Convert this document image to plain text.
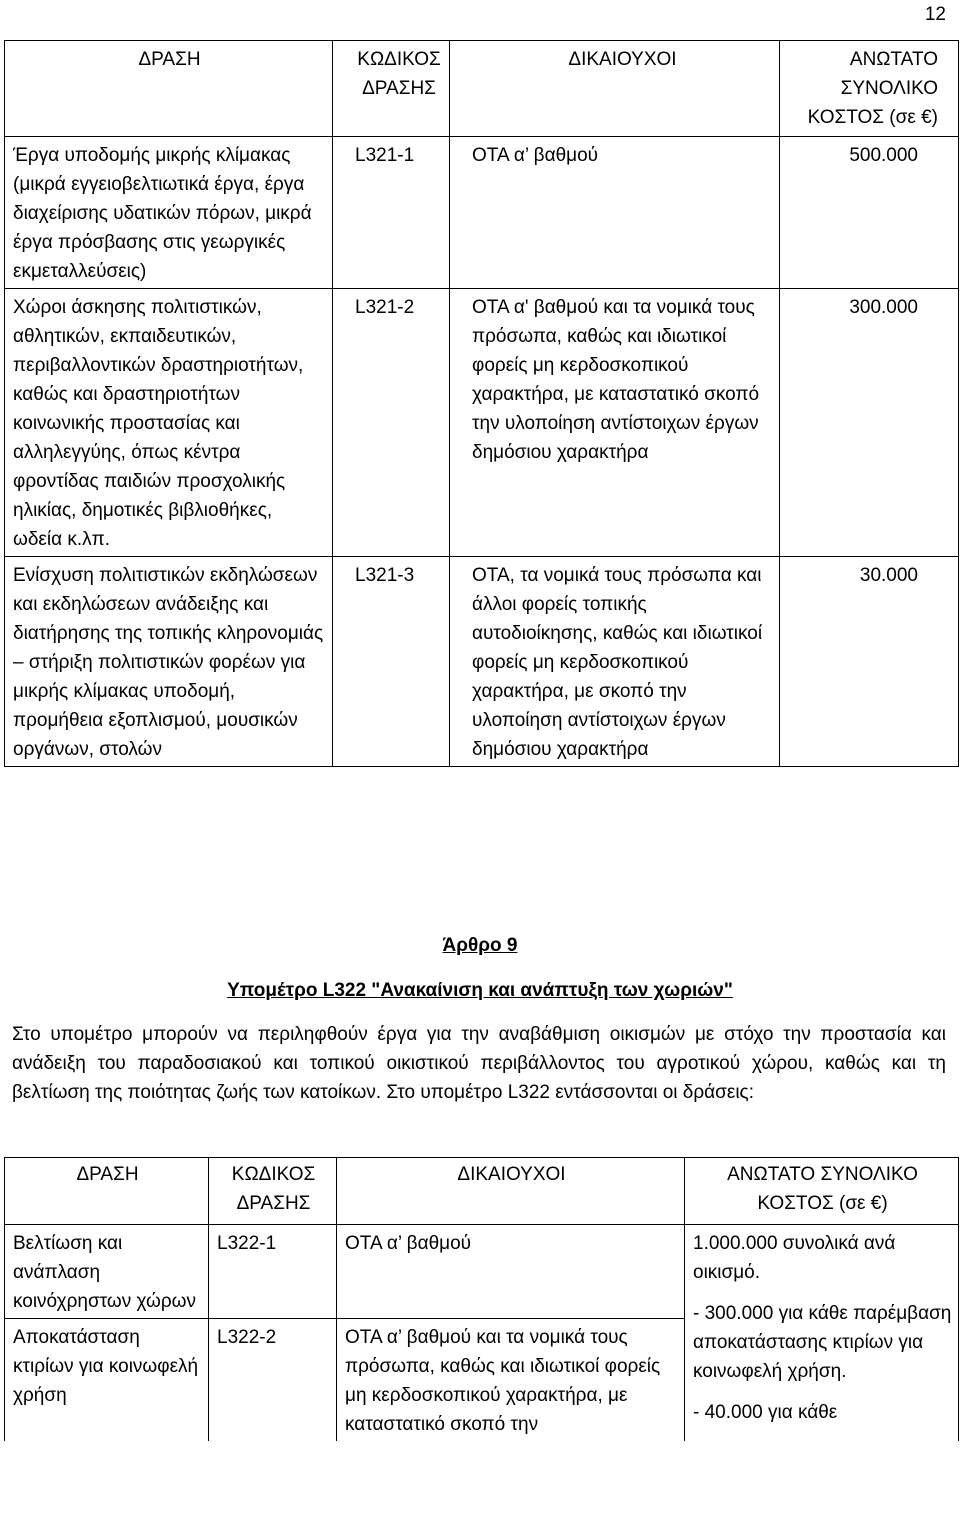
12
ΔΡΑΣΗ	ΚΩΔΙΚΟΣ ΔΡΑΣΗΣ	ΔΙΚΑΙΟΥΧΟΙ	ΑΝΩΤΑΤΟ ΣΥΝΟΛΙΚΟ ΚΟΣΤΟΣ (σε €)
Έργα υποδομής μικρής κλίμακας (μικρά εγγειοβελτιωτικά έργα, έργα διαχείρισης υδατικών πόρων, μικρά έργα πρόσβασης στις γεωργικές εκμεταλλεύσεις)	L321-1	ΟΤΑ α’ βαθμού	500.000
Χώροι άσκησης πολιτιστικών, αθλητικών, εκπαιδευτικών, περιβαλλοντικών δραστηριοτήτων, καθώς και δραστηριοτήτων κοινωνικής προστασίας και αλληλεγγύης, όπως κέντρα φροντίδας παιδιών προσχολικής ηλικίας, δημοτικές βιβλιοθήκες, ωδεία κ.λπ.	L321-2	ΟΤΑ α' βαθμού και τα νομικά τους πρόσωπα, καθώς και ιδιωτικοί φορείς μη κερδοσκοπικού χαρακτήρα, με καταστατικό σκοπό την υλοποίηση αντίστοιχων έργων δημόσιου χαρακτήρα	300.000
Ενίσχυση πολιτιστικών εκδηλώσεων και εκδηλώσεων ανάδειξης και διατήρησης της τοπικής κληρονομιάς – στήριξη πολιτιστικών φορέων για μικρής κλίμακας υποδομή, προμήθεια εξοπλισμού, μουσικών οργάνων, στολών	L321-3	ΟΤΑ, τα νομικά τους πρόσωπα και άλλοι φορείς τοπικής αυτοδιοίκησης, καθώς και ιδιωτικοί φορείς μη κερδοσκοπικού χαρακτήρα, με σκοπό την υλοποίηση αντίστοιχων έργων δημόσιου χαρακτήρα	30.000
Άρθρο 9
Υπομέτρο L322 "Ανακαίνιση και ανάπτυξη των χωριών"
Στο υπομέτρο μπορούν να περιληφθούν έργα για την αναβάθμιση οικισμών με στόχο την προστασία και ανάδειξη του παραδοσιακού και τοπικού οικιστικού περιβάλλοντος του αγροτικού χώρου, καθώς και τη βελτίωση της ποιότητας ζωής των κατοίκων. Στο υπομέτρο L322 εντάσσονται οι δράσεις:
ΔΡΑΣΗ	ΚΩΔΙΚΟΣ ΔΡΑΣΗΣ	ΔΙΚΑΙΟΥΧΟΙ	ΑΝΩΤΑΤΟ ΣΥΝΟΛΙΚΟ ΚΟΣΤΟΣ (σε €)
Βελτίωση και ανάπλαση κοινόχρηστων χώρων	L322-1	ΟΤΑ α’ βαθμού	1.000.000 συνολικά ανά οικισμό.
- 300.000 για κάθε παρέμβαση αποκατάστασης κτιρίων για κοινωφελή χρήση.
- 40.000 για κάθε

Αποκατάσταση κτιρίων για κοινωφελή χρήση	L322-2	ΟΤΑ α’ βαθμού και τα νομικά τους πρόσωπα, καθώς και ιδιωτικοί φορείς μη κερδοσκοπικού χαρακτήρα, με καταστατικό σκοπό την	
